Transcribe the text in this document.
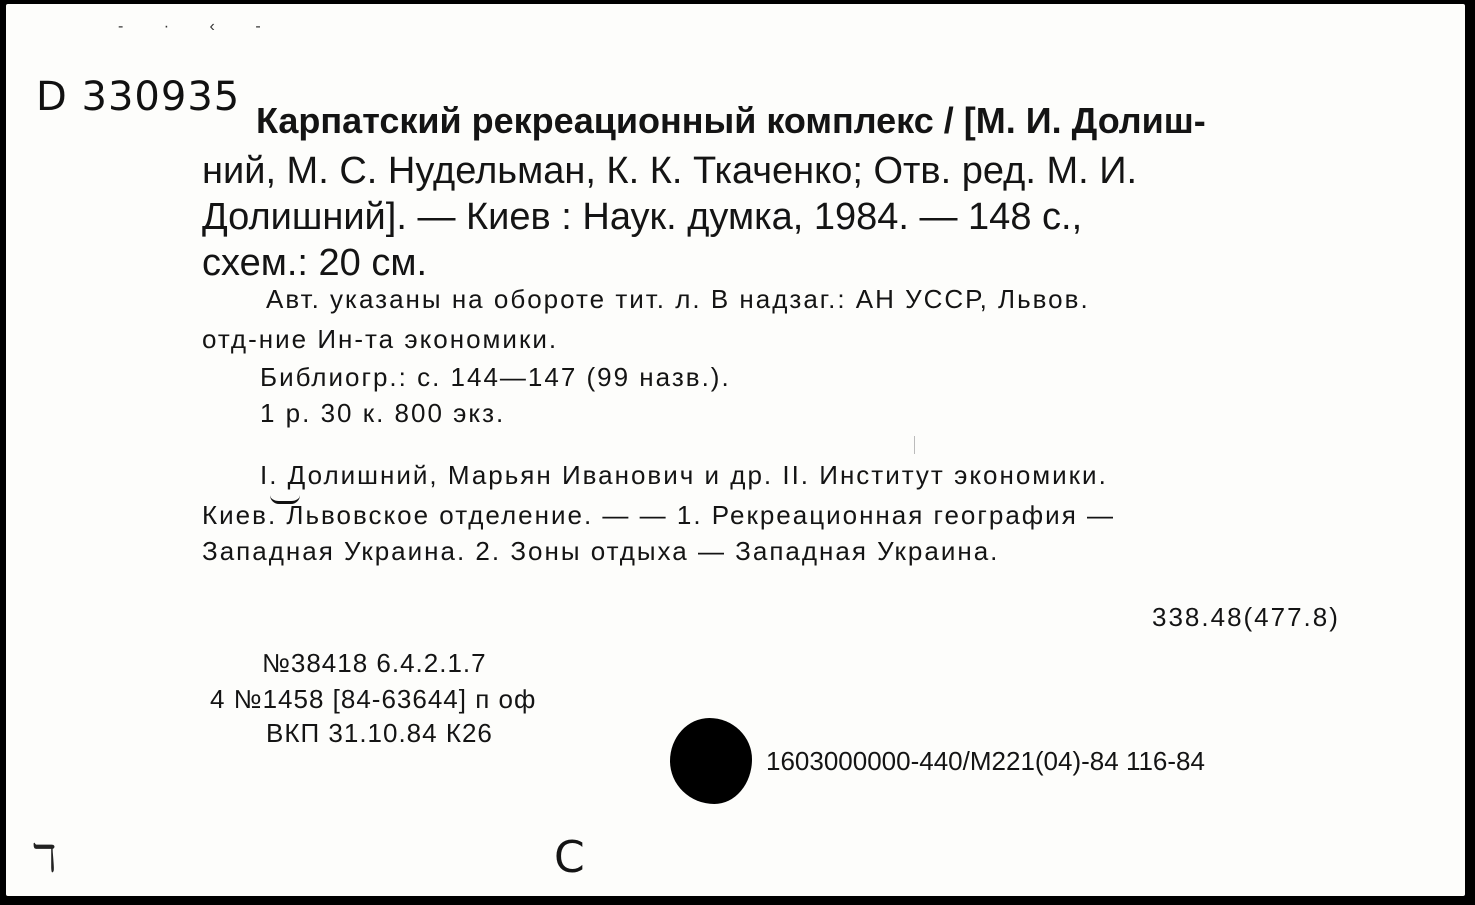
- · ‹ -
D 330935
Карпатский рекреационный комплекс / [М. И. Долиш-
ний, М. С. Нудельман, К. К. Ткаченко; Отв. ред. М. И.
Долишний]. — Киев : Наук. думка, 1984. — 148 с.,
схем.: 20 см.
Авт. указаны на обороте тит. л. В надзаг.: АН УССР, Львов.
отд-ние Ин-та экономики.
Библиогр.: с. 144—147 (99 назв.).
1 р. 30 к. 800 экз.
I. Долишний, Марьян Иванович и др. II. Институт экономики.
Киев. Львовское отделение. — — 1. Рекреационная география —
Западная Украина. 2. Зоны отдыха — Западная Украина.
338.48(477.8)
№38418 6.4.2.1.7
4 №1458 [84-63644] п оф
ВКП 31.10.84 К26
1603000000-440/М221(04)-84 116-84
С
ℸ
